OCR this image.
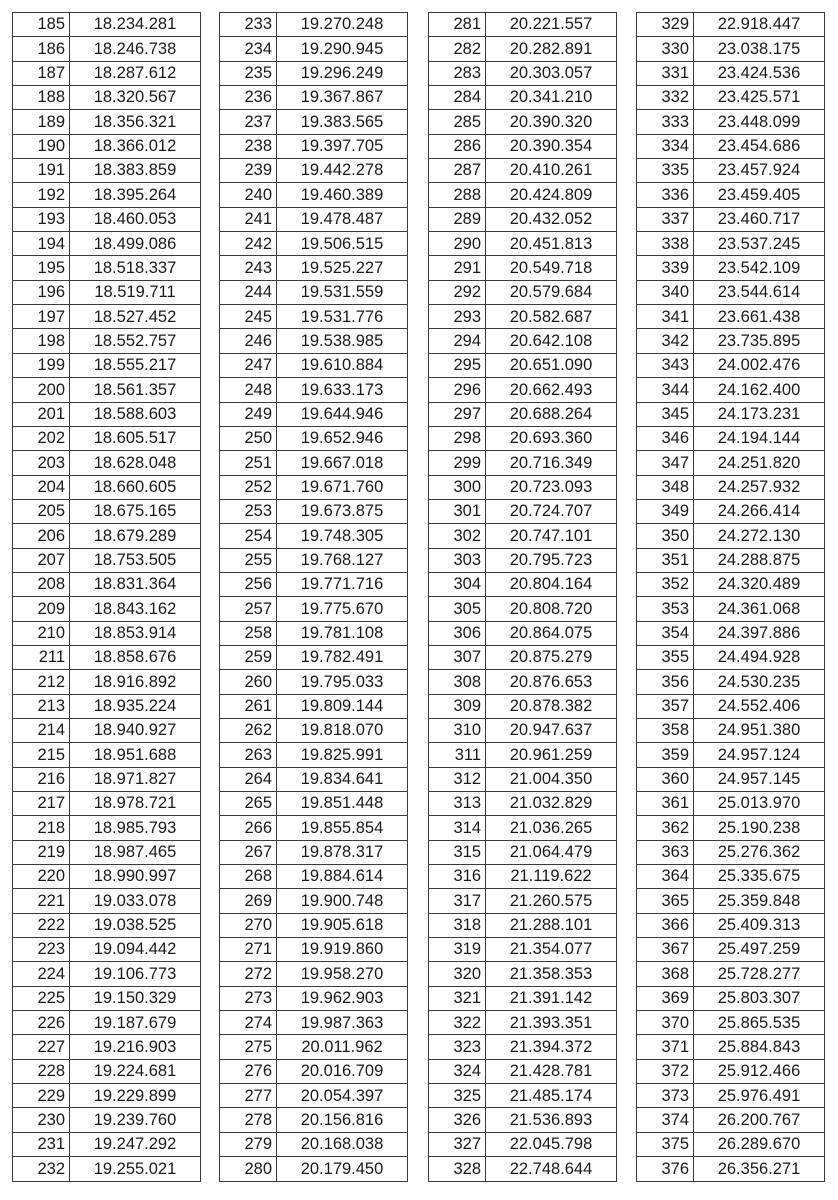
185	18.234.281
186	18.246.738
187	18.287.612
188	18.320.567
189	18.356.321
190	18.366.012
191	18.383.859
192	18.395.264
193	18.460.053
194	18.499.086
195	18.518.337
196	18.519.711
197	18.527.452
198	18.552.757
199	18.555.217
200	18.561.357
201	18.588.603
202	18.605.517
203	18.628.048
204	18.660.605
205	18.675.165
206	18.679.289
207	18.753.505
208	18.831.364
209	18.843.162
210	18.853.914
211	18.858.676
212	18.916.892
213	18.935.224
214	18.940.927
215	18.951.688
216	18.971.827
217	18.978.721
218	18.985.793
219	18.987.465
220	18.990.997
221	19.033.078
222	19.038.525
223	19.094.442
224	19.106.773
225	19.150.329
226	19.187.679
227	19.216.903
228	19.224.681
229	19.229.899
230	19.239.760
231	19.247.292
232	19.255.021
233	19.270.248
234	19.290.945
235	19.296.249
236	19.367.867
237	19.383.565
238	19.397.705
239	19.442.278
240	19.460.389
241	19.478.487
242	19.506.515
243	19.525.227
244	19.531.559
245	19.531.776
246	19.538.985
247	19.610.884
248	19.633.173
249	19.644.946
250	19.652.946
251	19.667.018
252	19.671.760
253	19.673.875
254	19.748.305
255	19.768.127
256	19.771.716
257	19.775.670
258	19.781.108
259	19.782.491
260	19.795.033
261	19.809.144
262	19.818.070
263	19.825.991
264	19.834.641
265	19.851.448
266	19.855.854
267	19.878.317
268	19.884.614
269	19.900.748
270	19.905.618
271	19.919.860
272	19.958.270
273	19.962.903
274	19.987.363
275	20.011.962
276	20.016.709
277	20.054.397
278	20.156.816
279	20.168.038
280	20.179.450
281	20.221.557
282	20.282.891
283	20.303.057
284	20.341.210
285	20.390.320
286	20.390.354
287	20.410.261
288	20.424.809
289	20.432.052
290	20.451.813
291	20.549.718
292	20.579.684
293	20.582.687
294	20.642.108
295	20.651.090
296	20.662.493
297	20.688.264
298	20.693.360
299	20.716.349
300	20.723.093
301	20.724.707
302	20.747.101
303	20.795.723
304	20.804.164
305	20.808.720
306	20.864.075
307	20.875.279
308	20.876.653
309	20.878.382
310	20.947.637
311	20.961.259
312	21.004.350
313	21.032.829
314	21.036.265
315	21.064.479
316	21.119.622
317	21.260.575
318	21.288.101
319	21.354.077
320	21.358.353
321	21.391.142
322	21.393.351
323	21.394.372
324	21.428.781
325	21.485.174
326	21.536.893
327	22.045.798
328	22.748.644
329	22.918.447
330	23.038.175
331	23.424.536
332	23.425.571
333	23.448.099
334	23.454.686
335	23.457.924
336	23.459.405
337	23.460.717
338	23.537.245
339	23.542.109
340	23.544.614
341	23.661.438
342	23.735.895
343	24.002.476
344	24.162.400
345	24.173.231
346	24.194.144
347	24.251.820
348	24.257.932
349	24.266.414
350	24.272.130
351	24.288.875
352	24.320.489
353	24.361.068
354	24.397.886
355	24.494.928
356	24.530.235
357	24.552.406
358	24.951.380
359	24.957.124
360	24.957.145
361	25.013.970
362	25.190.238
363	25.276.362
364	25.335.675
365	25.359.848
366	25.409.313
367	25.497.259
368	25.728.277
369	25.803.307
370	25.865.535
371	25.884.843
372	25.912.466
373	25.976.491
374	26.200.767
375	26.289.670
376	26.356.271
